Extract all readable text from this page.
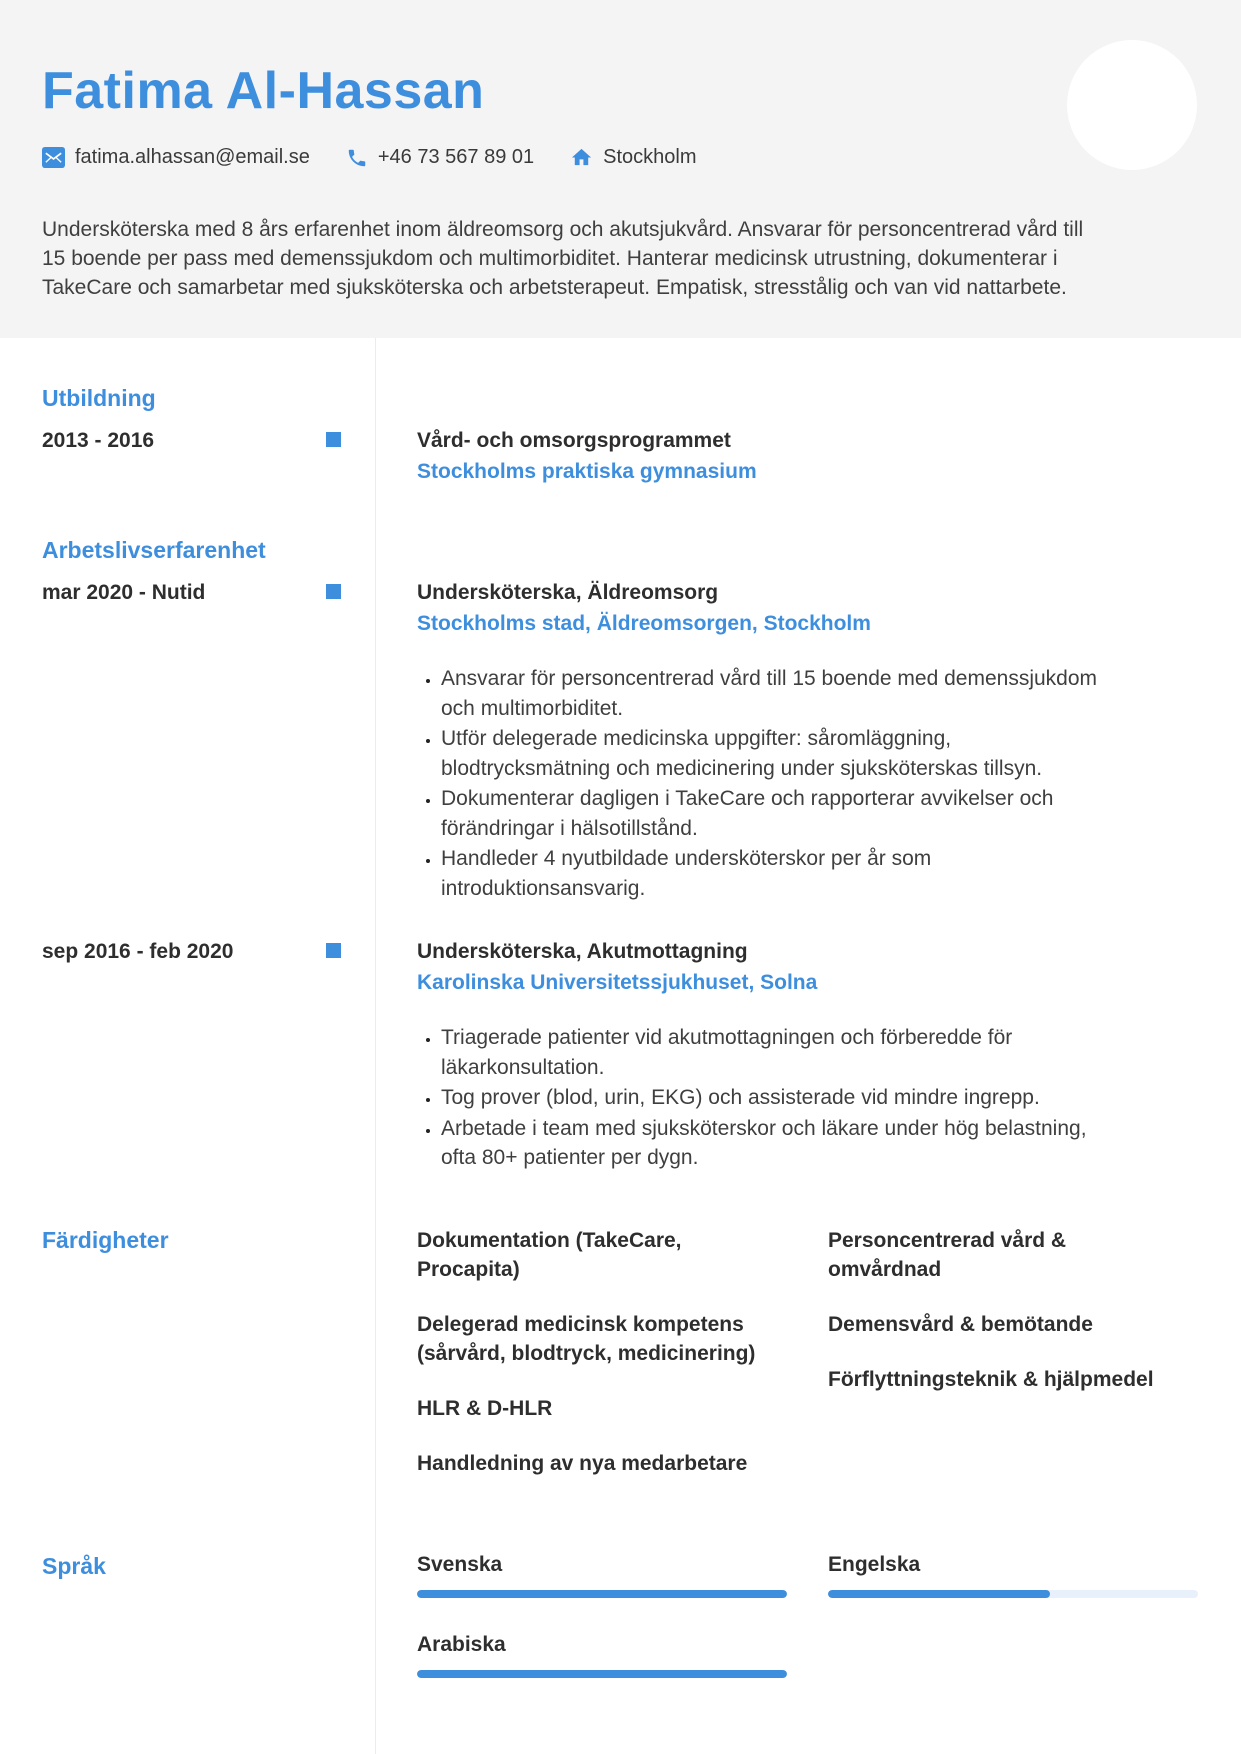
Fatima Al-Hassan
fatima.alhassan@email.se	+46 73 567 89 01	Stockholm
Undersköterska med 8 års erfarenhet inom äldreomsorg och akutsjukvård. Ansvarar för personcentrerad vård till 15 boende per pass med demenssjukdom och multimorbiditet. Hanterar medicinsk utrustning, dokumenterar i TakeCare och samarbetar med sjuksköterska och arbetsterapeut. Empatisk, stresstålig och van vid nattarbete.
Utbildning
2013 - 2016	Vård- och omsorgsprogrammet
Stockholms praktiska gymnasium
Arbetslivserfarenhet
mar 2020 - Nutid	Undersköterska, Äldreomsorg
Stockholms stad, Äldreomsorgen, Stockholm
• Ansvarar för personcentrerad vård till 15 boende med demenssjukdom och multimorbiditet.
• Utför delegerade medicinska uppgifter: såromläggning, blodtrycksmätning och medicinering under sjuksköterskas tillsyn.
• Dokumenterar dagligen i TakeCare och rapporterar avvikelser och förändringar i hälsotillstånd.
• Handleder 4 nyutbildade undersköterskor per år som introduktionsansvarig.
sep 2016 - feb 2020	Undersköterska, Akutmottagning
Karolinska Universitetssjukhuset, Solna
• Triagerade patienter vid akutmottagningen och förberedde för läkarkonsultation.
• Tog prover (blod, urin, EKG) och assisterade vid mindre ingrepp.
• Arbetade i team med sjuksköterskor och läkare under hög belastning, ofta 80+ patienter per dygn.
Färdigheter	Dokumentation (TakeCare, Procapita)
Delegerad medicinsk kompetens (sårvård, blodtryck, medicinering)
HLR & D-HLR
Handledning av nya medarbetare
Personcentrerad vård & omvårdnad
Demensvård & bemötande
Förflyttningsteknik & hjälpmedel
Språk	Svenska	Engelska
Arabiska
